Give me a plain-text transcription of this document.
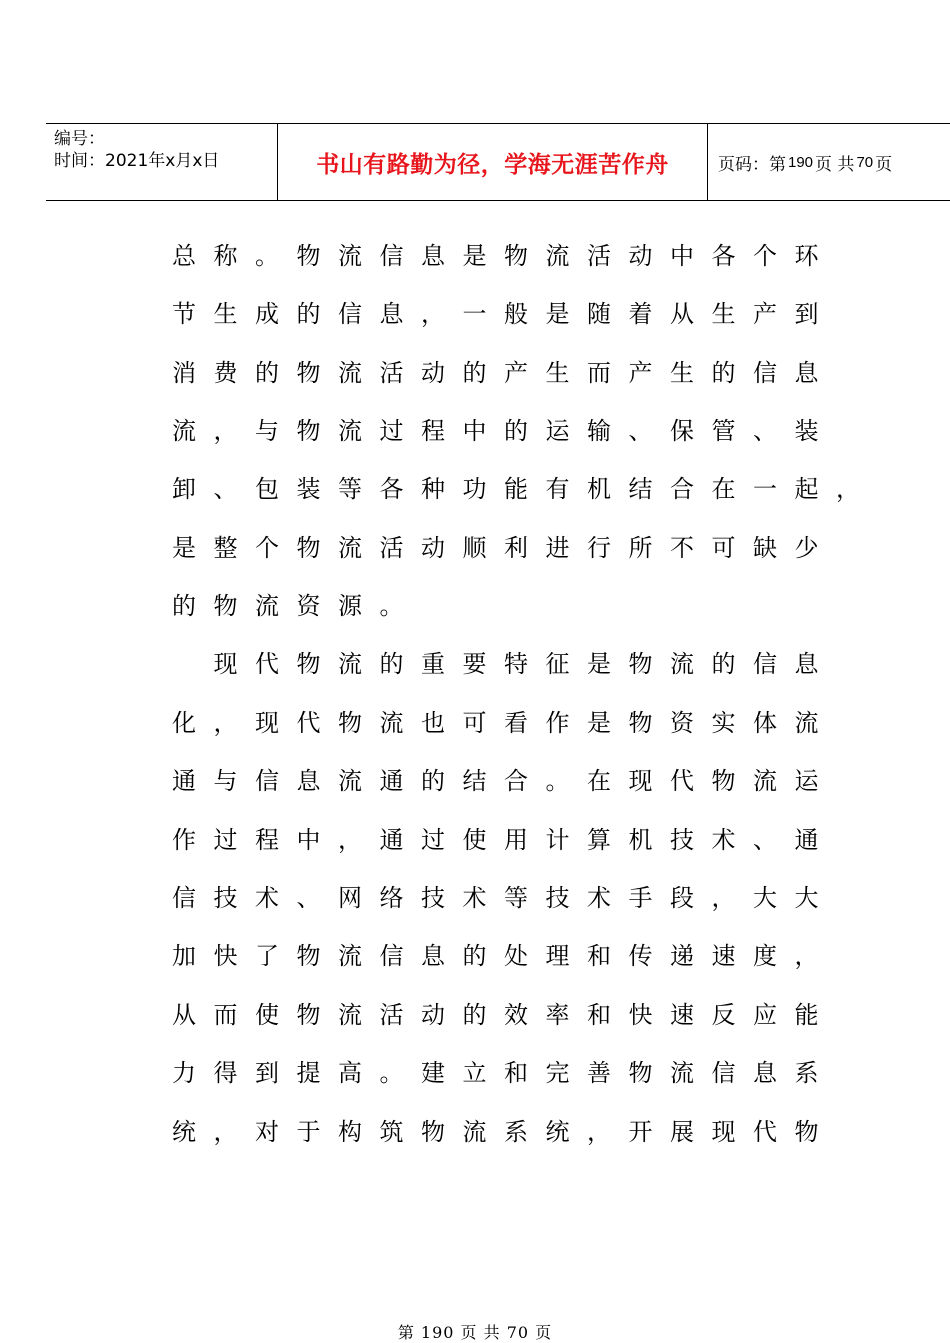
编号：
时间：2021年x月x日	书山有路勤为径，学海无涯苦作舟	页码：第 190 页 共 70 页
总称。物流信息是物流活动中各个环
节生成的信息，一般是随着从生产到
消费的物流活动的产生而产生的信息
流，与物流过程中的运输、保管、装
卸、包装等各种功能有机结合在一起，
是整个物流活动顺利进行所不可缺少
的物流资源。
　现代物流的重要特征是物流的信息
化，现代物流也可看作是物资实体流
通与信息流通的结合。在现代物流运
作过程中，通过使用计算机技术、通
信技术、网络技术等技术手段，大大
加快了物流信息的处理和传递速度，
从而使物流活动的效率和快速反应能
力得到提高。建立和完善物流信息系
统，对于构筑物流系统，开展现代物
第 190 页 共 70 页
